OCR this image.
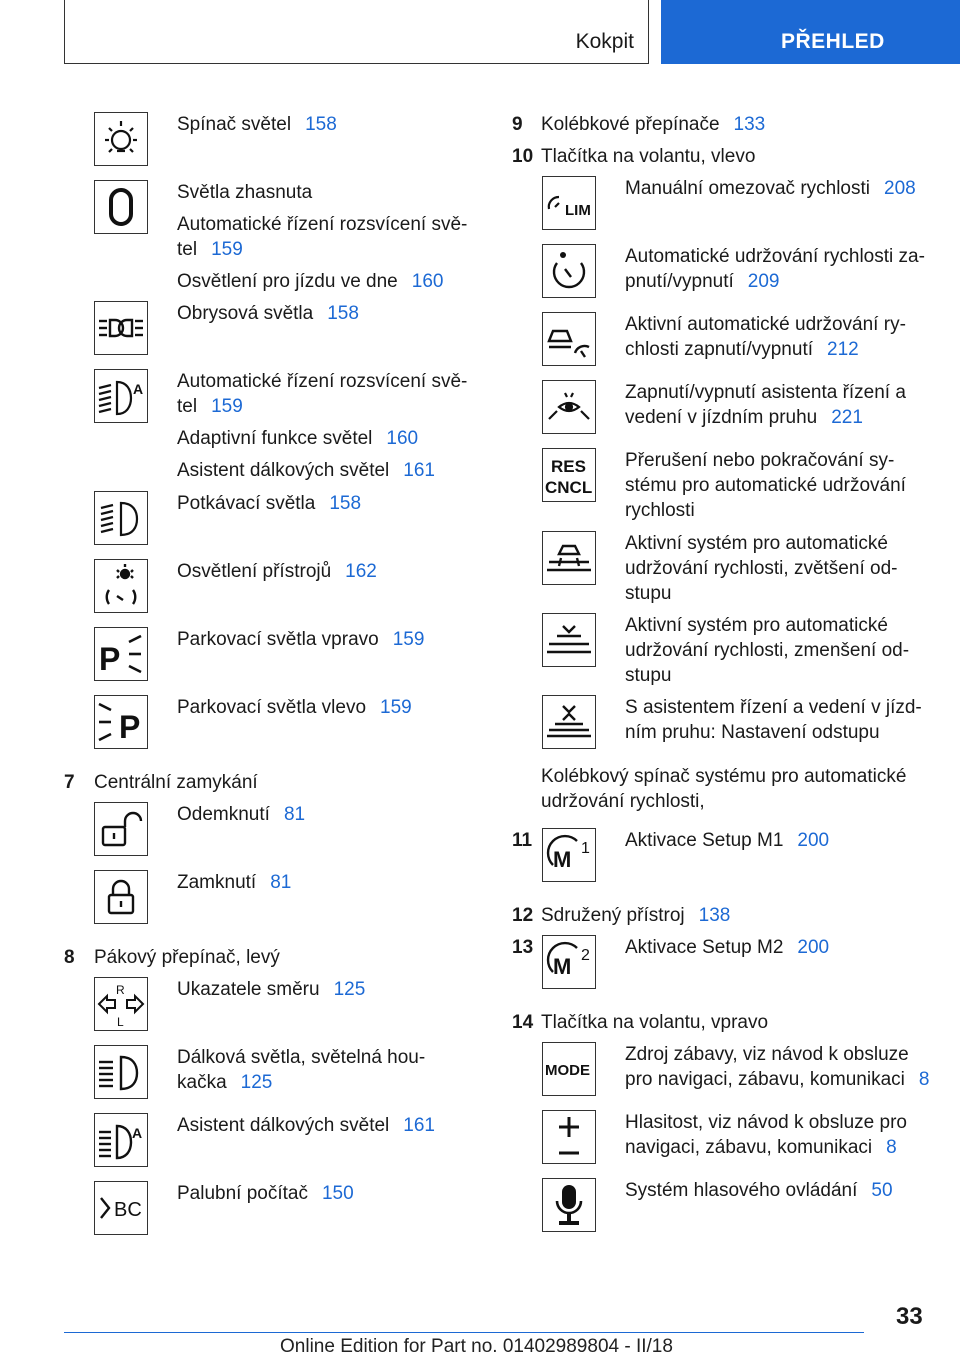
Kokpit	PŘEHLED
Spínač světel 158
Světla zhasnuta
Automatické řízení rozsvícení svě-
tel 159
Osvětlení pro jízdu ve dne 160
Obrysová světla 158
A Automatické řízení rozsvícení svě-
tel 159
Adaptivní funkce světel 160
Asistent dálkových světel 161
Potkávací světla 158
Osvětlení přístrojů 162
P
Parkovací světla vpravo 159
P
Parkovací světla vlevo 159
7 Centrální zamykání
Odemknutí 81
Zamknutí 81
8 Pákový přepínač, levý
R
L
Ukazatele směru 125
Dálková světla, světelná hou-
kačka 125
A Asistent dálkových světel 161
BC
Palubní počítač 150
9 Kolébkové přepínače 133
10 Tlačítka na volantu, vlevo
LIM
Manuální omezovač rychlosti 208
Automatické udržování rychlosti za-
pnutí/vypnutí 209
Aktivní automatické udržování ry-
chlosti zapnutí/vypnutí 212
Zapnutí/vypnutí asistenta řízení a
vedení v jízdním pruhu 221
RES
CNCL
Přerušení nebo pokračování sy-
stému pro automatické udržování
rychlosti
Aktivní systém pro automatické
udržování rychlosti, zvětšení od-
stupu
Aktivní systém pro automatické
udržování rychlosti, zmenšení od-
stupu
S asistentem řízení a vedení v jízd-
ním pruhu: Nastavení odstupu
Kolébkový spínač systému pro automatické
udržování rychlosti,
11
M 1 Aktivace Setup M1 200
12 Sdružený přístroj 138
13
M 2 Aktivace Setup M2 200
14 Tlačítka na volantu, vpravo
MODE
Zdroj zábavy, viz návod k obsluze
pro navigaci, zábavu, komunikaci 8
Hlasitost, viz návod k obsluze pro
navigaci, zábavu, komunikaci 8
Systém hlasového ovládání 50
33
Online Edition for Part no. 01402989804 - II/18
